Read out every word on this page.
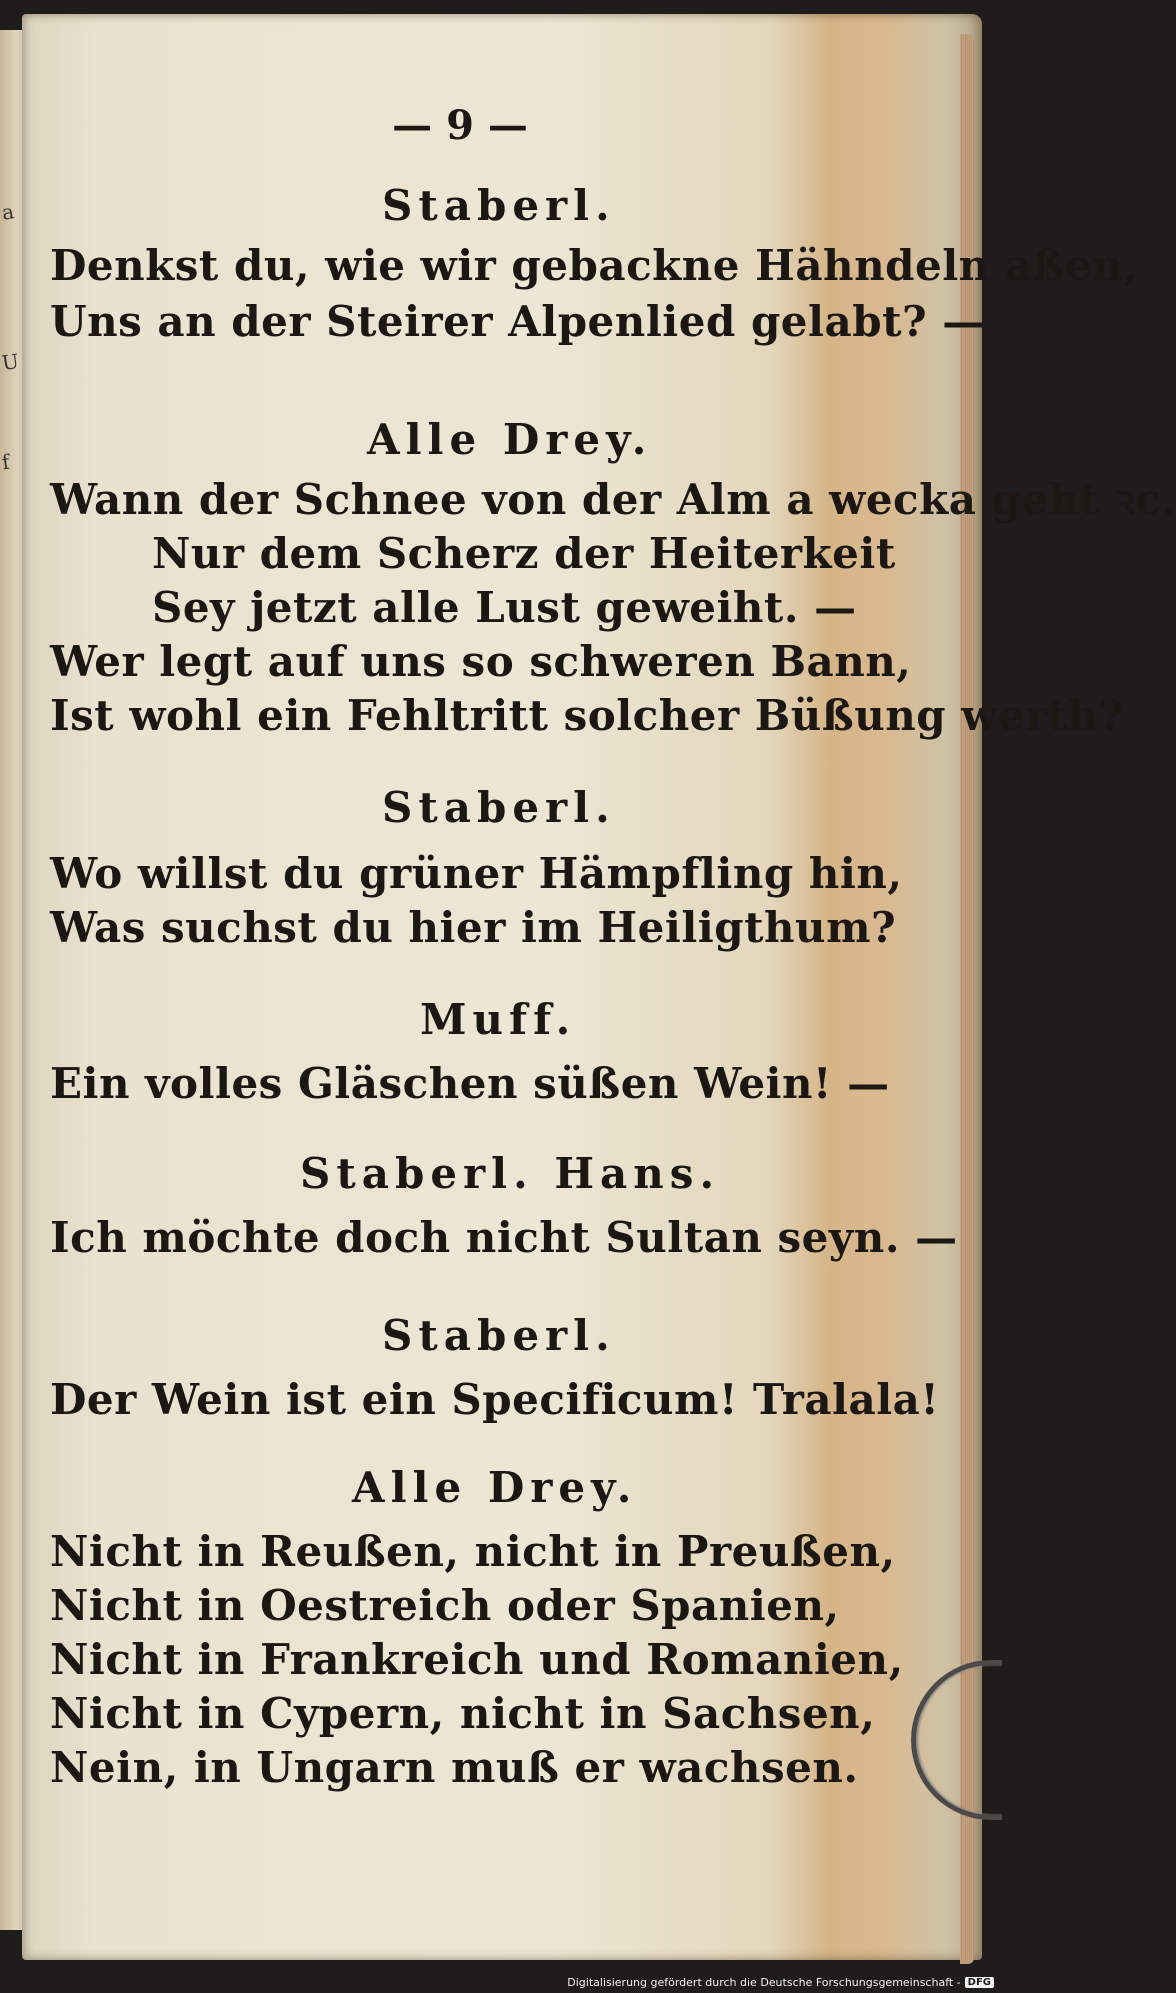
a
U
f
— 9 —
Staberl.
Denkst du, wie wir gebackne Hähndeln aßen,
Uns an der Steirer Alpenlied gelabt? —
Alle Drey.
Wann der Schnee von der Alm a wecka geht ꝛc.
Nur dem Scherz der Heiterkeit
Sey jetzt alle Lust geweiht. —
Wer legt auf uns so schweren Bann,
Ist wohl ein Fehltritt solcher Büßung werth?
Staberl.
Wo willst du grüner Hämpfling hin,
Was suchst du hier im Heiligthum?
Muff.
Ein volles Gläschen süßen Wein! —
Staberl. Hans.
Ich möchte doch nicht Sultan seyn. —
Staberl.
Der Wein ist ein Specificum! Tralala!
Alle Drey.
Nicht in Reußen, nicht in Preußen,
Nicht in Oestreich oder Spanien,
Nicht in Frankreich und Romanien,
Nicht in Cypern, nicht in Sachsen,
Nein, in Ungarn muß er wachsen.
Digitalisierung gefördert durch die Deutsche Forschungsgemeinschaft - DFG
